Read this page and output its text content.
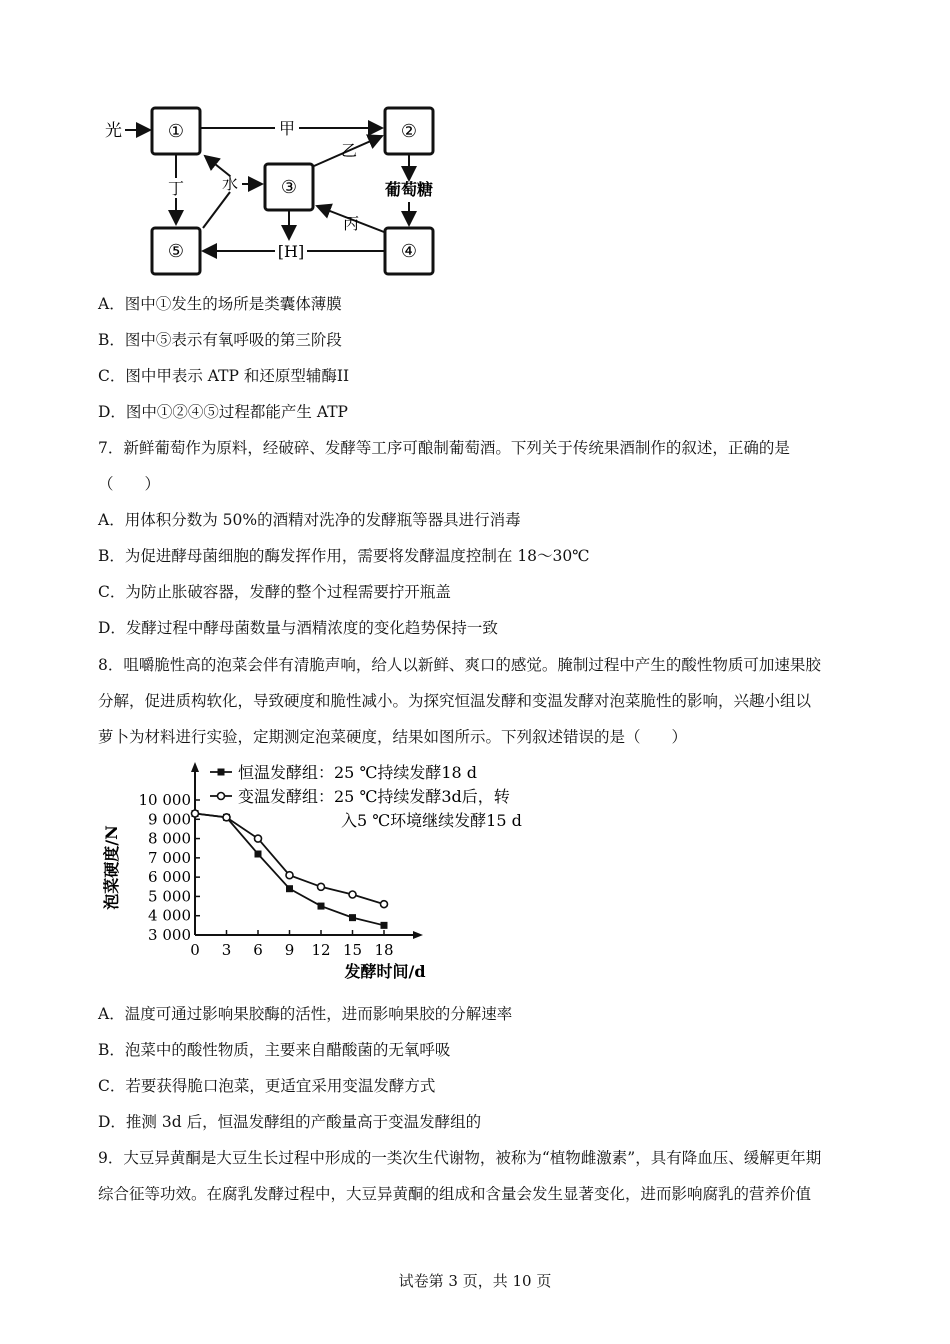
①	②
③
④
⑤
光	甲
乙
葡萄糖
丙
[H]
丁 水
A．图中①发生的场所是类囊体薄膜
B．图中⑤表示有氧呼吸的第三阶段
C．图中甲表示 ATP 和还原型辅酶II
D．图中①②④⑤过程都能产生 ATP
7．新鲜葡萄作为原料，经破碎、发酵等工序可酿制葡萄酒。下列关于传统果酒制作的叙述，正确的是
（　　）
A．用体积分数为 50%的酒精对洗净的发酵瓶等器具进行消毒
B．为促进酵母菌细胞的酶发挥作用，需要将发酵温度控制在 18～30℃
C．为防止胀破容器，发酵的整个过程需要拧开瓶盖
D．发酵过程中酵母菌数量与酒精浓度的变化趋势保持一致
8．咀嚼脆性高的泡菜会伴有清脆声响，给人以新鲜、爽口的感觉。腌制过程中产生的酸性物质可加速果胶
分解，促进质构软化，导致硬度和脆性减小。为探究恒温发酵和变温发酵对泡菜脆性的影响，兴趣小组以
萝卜为材料进行实验，定期测定泡菜硬度，结果如图所示。下列叙述错误的是（　　）
10 000
9 000
8 000
7 000
6 000
5 000
4 000
3 000
0 3 6 9 12 15 18
发酵时间/d
泡菜硬度/N
恒温发酵组：25 ℃持续发酵18 d
变温发酵组：25 ℃持续发酵3d后，转
入5 ℃环境继续发酵15 d
A．温度可通过影响果胶酶的活性，进而影响果胶的分解速率
B．泡菜中的酸性物质，主要来自醋酸菌的无氧呼吸
C．若要获得脆口泡菜，更适宜采用变温发酵方式
D．推测 3d 后，恒温发酵组的产酸量高于变温发酵组的
9．大豆异黄酮是大豆生长过程中形成的一类次生代谢物，被称为“植物雌激素”，具有降血压、缓解更年期
综合征等功效。在腐乳发酵过程中，大豆异黄酮的组成和含量会发生显著变化，进而影响腐乳的营养价值
试卷第 3 页，共 10 页
